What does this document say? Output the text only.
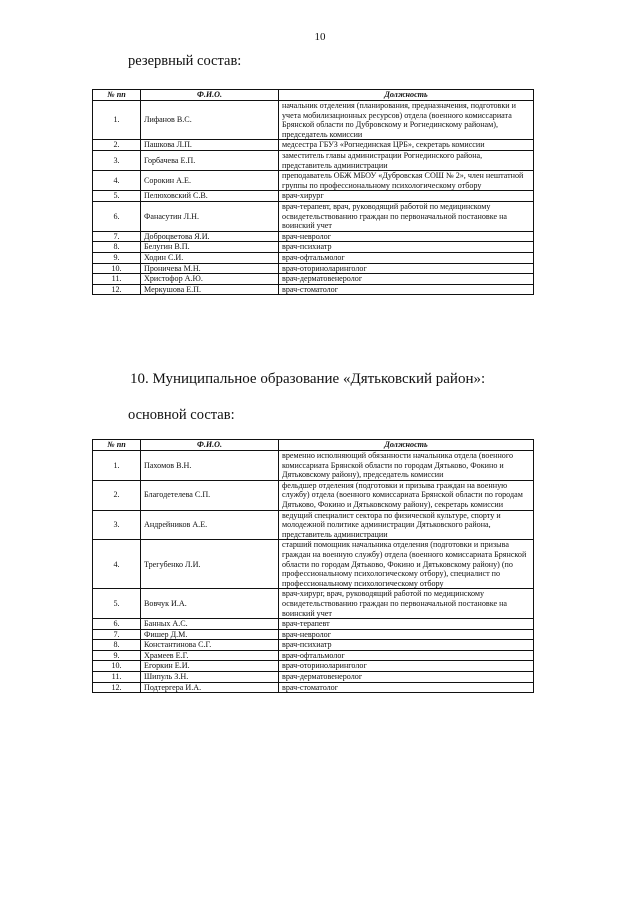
10
резервный состав:
№ пп	Ф.И.О.	Должность
1.	Лифанов В.С.	начальник отделения (планирования, предназначения, подготовки и учета мобилизационных ресурсов) отдела (военного комиссариата Брянской области по Дубровскому и Рогнединскому районам), председатель комиссии
2.	Пашкова Л.П.	медсестра ГБУЗ «Рогнединская ЦРБ», секретарь комиссии
3.	Горбачева Е.П.	заместитель главы администрации Рогнединского района, представитель администрации
4.	Сорокин А.Е.	преподаватель ОБЖ МБОУ «Дубровская СОШ № 2», член нештатной группы по профессиональному психологическому отбору
5.	Пелюховский С.В.	врач-хирург
6.	Фанасутин Л.Н.	врач-терапевт, врач, руководящий работой по медицинскому освидетельствованию граждан по первоначальной постановке на воинский учет
7.	Доброцветова Я.И.	врач-невролог
8.	Белугин В.П.	врач-психиатр
9.	Ходин С.И.	врач-офтальмолог
10.	Проничева М.Н.	врач-оториноларинголог
11.	Христофор А.Ю.	врач-дерматовенеролог
12.	Меркушова Е.П.	врач-стоматолог
10. Муниципальное образование «Дятьковский район»:
основной состав:
№ пп	Ф.И.О.	Должность
1.	Пахомов В.Н.	временно исполняющий обязанности начальника отдела (военного комиссариата Брянской области по городам Дятьково, Фокино и Дятьковскому району), председатель комиссии
2.	Благодетелева С.П.	фельдшер отделения (подготовки и призыва граждан на военную службу) отдела (военного комиссариата Брянской области по городам Дятьково, Фокино и Дятьковскому району), секретарь комиссии
3.	Андрейников А.Е.	ведущий специалист сектора по физической культуре, спорту и молодежной политике администрации Дятьковского района, представитель администрации
4.	Трегубенко Л.И.	старший помощник начальника отделения (подготовки и призыва граждан на военную службу) отдела (военного комиссариата Брянской области по городам Дятьково, Фокино и Дятьковскому району) (по профессиональному психологическому отбору), специалист по профессиональному психологическому отбору
5.	Вовчук И.А.	врач-хирург, врач, руководящий работой по медицинскому освидетельствованию граждан по первоначальной постановке на воинский учет
6.	Банных А.С.	врач-терапевт
7.	Фишер Д.М.	врач-невролог
8.	Константинова С.Г.	врач-психиатр
9.	Храмеев Е.Г.	врач-офтальмолог
10.	Егоркин Е.И.	врач-оториноларинголог
11.	Шипуль З.Н.	врач-дерматовенеролог
12.	Подтергера И.А.	врач-стоматолог
